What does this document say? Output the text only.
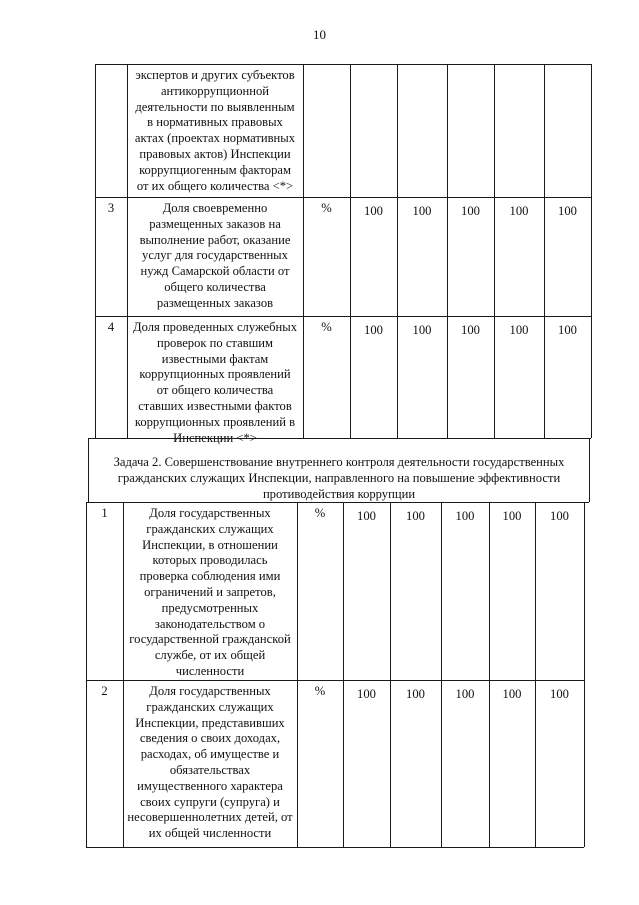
10
экспертов и других субъектов
антикоррупционной
деятельности по выявленным
в нормативных правовых
актах (проектах нормативных
правовых актов) Инспекции
коррупциогенным факторам
от их общего количества <*>
3	Доля своевременно
размещенных заказов на
выполнение работ, оказание
услуг для государственных
нужд Самарской области от
общего количества
размещенных заказов
%	100	100	100	100	100
4	Доля проведенных служебных
проверок по ставшим
известными фактам
коррупционных проявлений
от общего количества
ставших известными фактов
коррупционных проявлений в
Инспекции <*>
%	100	100	100	100	100
1	Доля государственных
гражданских служащих
Инспекции, в отношении
которых проводилась
проверка соблюдения ими
ограничений и запретов,
предусмотренных
законодательством о
государственной гражданской
службе, от их общей
численности
%	100	100	100	100	100
2	Доля государственных
гражданских служащих
Инспекции, представивших
сведения о своих доходах,
расходах, об имуществе и
обязательствах
имущественного характера
своих супруги (супруга) и
несовершеннолетних детей, от
их общей численности
%	100	100	100	100	100
Задача 2. Совершенствование внутреннего контроля деятельности государственных
гражданских служащих Инспекции, направленного на повышение эффективности
противодействия коррупции
